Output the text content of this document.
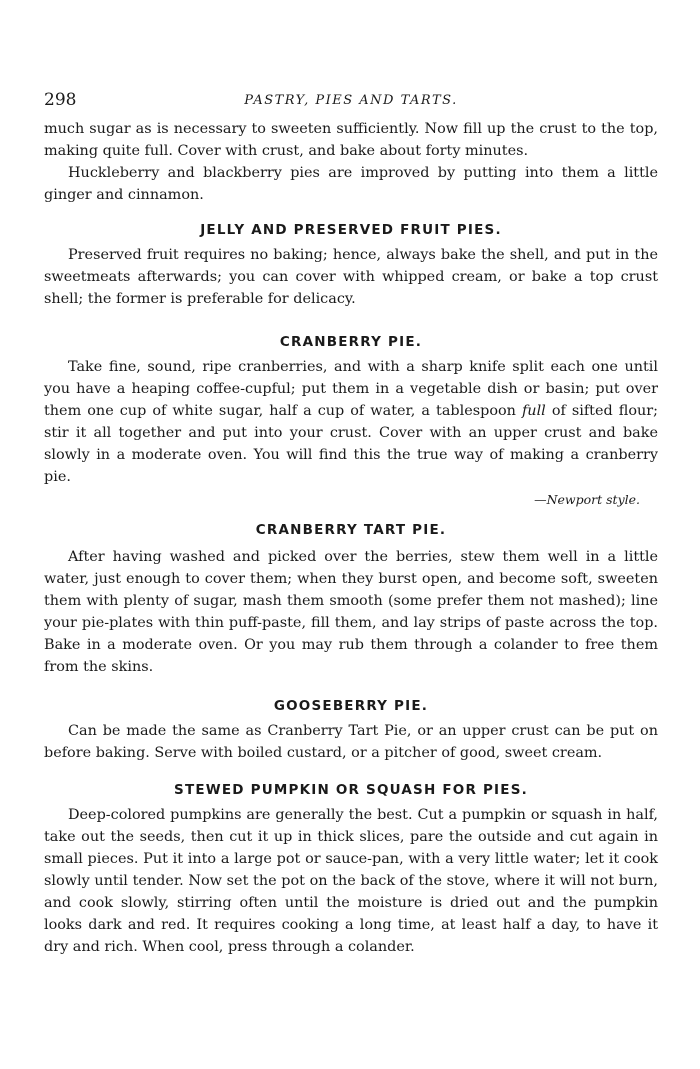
298	PASTRY, PIES AND TARTS.

much sugar as is necessary to sweeten sufficiently. Now fill up the crust to the top, making quite full. Cover with crust, and bake about forty minutes.

Huckleberry and blackberry pies are improved by putting into them a little ginger and cinnamon.

JELLY AND PRESERVED FRUIT PIES.

Preserved fruit requires no baking; hence, always bake the shell, and put in the sweetmeats afterwards; you can cover with whipped cream, or bake a top crust shell; the former is preferable for delicacy.

CRANBERRY PIE.

Take fine, sound, ripe cranberries, and with a sharp knife split each one until you have a heaping coffee-cupful; put them in a vegetable dish or basin; put over them one cup of white sugar, half a cup of water, a tablespoon full of sifted flour; stir it all together and put into your crust. Cover with an upper crust and bake slowly in a moderate oven. You will find this the true way of making a cranberry pie.

—Newport style.
CRANBERRY TART PIE.

After having washed and picked over the berries, stew them well in a little water, just enough to cover them; when they burst open, and become soft, sweeten them with plenty of sugar, mash them smooth (some prefer them not mashed); line your pie-plates with thin puff-paste, fill them, and lay strips of paste across the top. Bake in a moderate oven. Or you may rub them through a colander to free them from the skins.

GOOSEBERRY PIE.

Can be made the same as Cranberry Tart Pie, or an upper crust can be put on before baking. Serve with boiled custard, or a pitcher of good, sweet cream.

STEWED PUMPKIN OR SQUASH FOR PIES.

Deep-colored pumpkins are generally the best. Cut a pumpkin or squash in half, take out the seeds, then cut it up in thick slices, pare the outside and cut again in small pieces. Put it into a large pot or sauce-pan, with a very little water; let it cook slowly until tender. Now set the pot on the back of the stove, where it will not burn, and cook slowly, stirring often until the moisture is dried out and the pumpkin looks dark and red. It requires cooking a long time, at least half a day, to have it dry and rich. When cool, press through a colander.
